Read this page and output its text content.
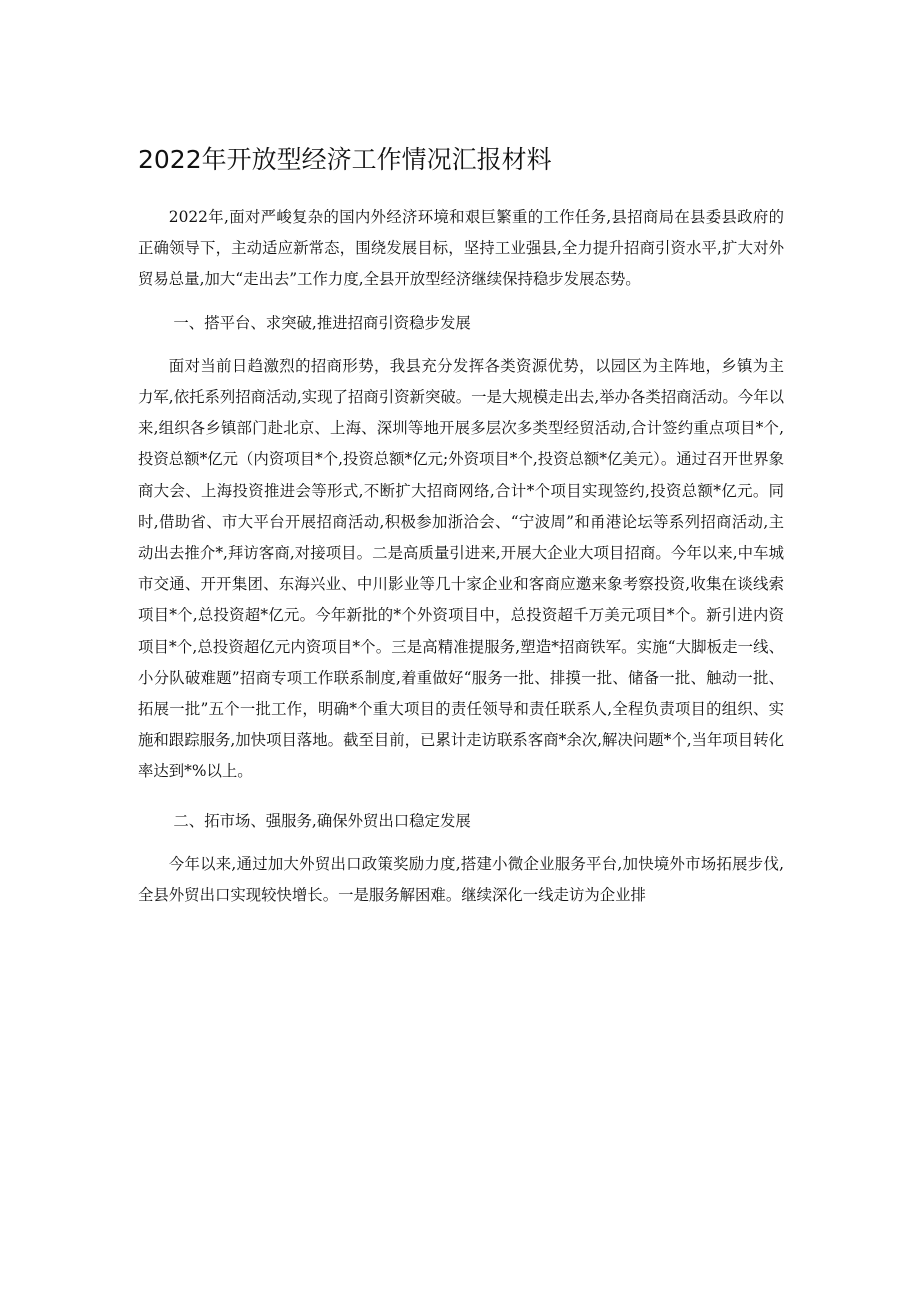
2022年开放型经济工作情况汇报材料

2022年,面对严峻复杂的国内外经济环境和艰巨繁重的工作任务,县招商局在县委县政府的正确领导下，主动适应新常态，围绕发展目标，坚持工业强县,全力提升招商引资水平,扩大对外贸易总量,加大“走出去”工作力度,全县开放型经济继续保持稳步发展态势。

一、搭平台、求突破,推进招商引资稳步发展

面对当前日趋激烈的招商形势，我县充分发挥各类资源优势，以园区为主阵地，乡镇为主力军,依托系列招商活动,实现了招商引资新突破。一是大规模走出去,举办各类招商活动。今年以来,组织各乡镇部门赴北京、上海、深圳等地开展多层次多类型经贸活动,合计签约重点项目*个,投资总额*亿元（内资项目*个,投资总额*亿元;外资项目*个,投资总额*亿美元）。通过召开世界象商大会、上海投资推进会等形式,不断扩大招商网络,合计*个项目实现签约,投资总额*亿元。同时,借助省、市大平台开展招商活动,积极参加浙洽会、“宁波周”和甬港论坛等系列招商活动,主动出去推介*,拜访客商,对接项目。二是高质量引进来,开展大企业大项目招商。今年以来,中车城市交通、开开集团、东海兴业、中川影业等几十家企业和客商应邀来象考察投资,收集在谈线索项目*个,总投资超*亿元。今年新批的*个外资项目中，总投资超千万美元项目*个。新引进内资项目*个,总投资超亿元内资项目*个。三是高精准提服务,塑造*招商铁军。实施“大脚板走一线、小分队破难题”招商专项工作联系制度,着重做好“服务一批、排摸一批、储备一批、触动一批、拓展一批”五个一批工作，明确*个重大项目的责任领导和责任联系人,全程负责项目的组织、实施和跟踪服务,加快项目落地。截至目前，已累计走访联系客商*余次,解决问题*个,当年项目转化率达到*%以上。

二、拓市场、强服务,确保外贸出口稳定发展

今年以来,通过加大外贸出口政策奖励力度,搭建小微企业服务平台,加快境外市场拓展步伐,全县外贸出口实现较快增长。一是服务解困难。继续深化一线走访为企业排
